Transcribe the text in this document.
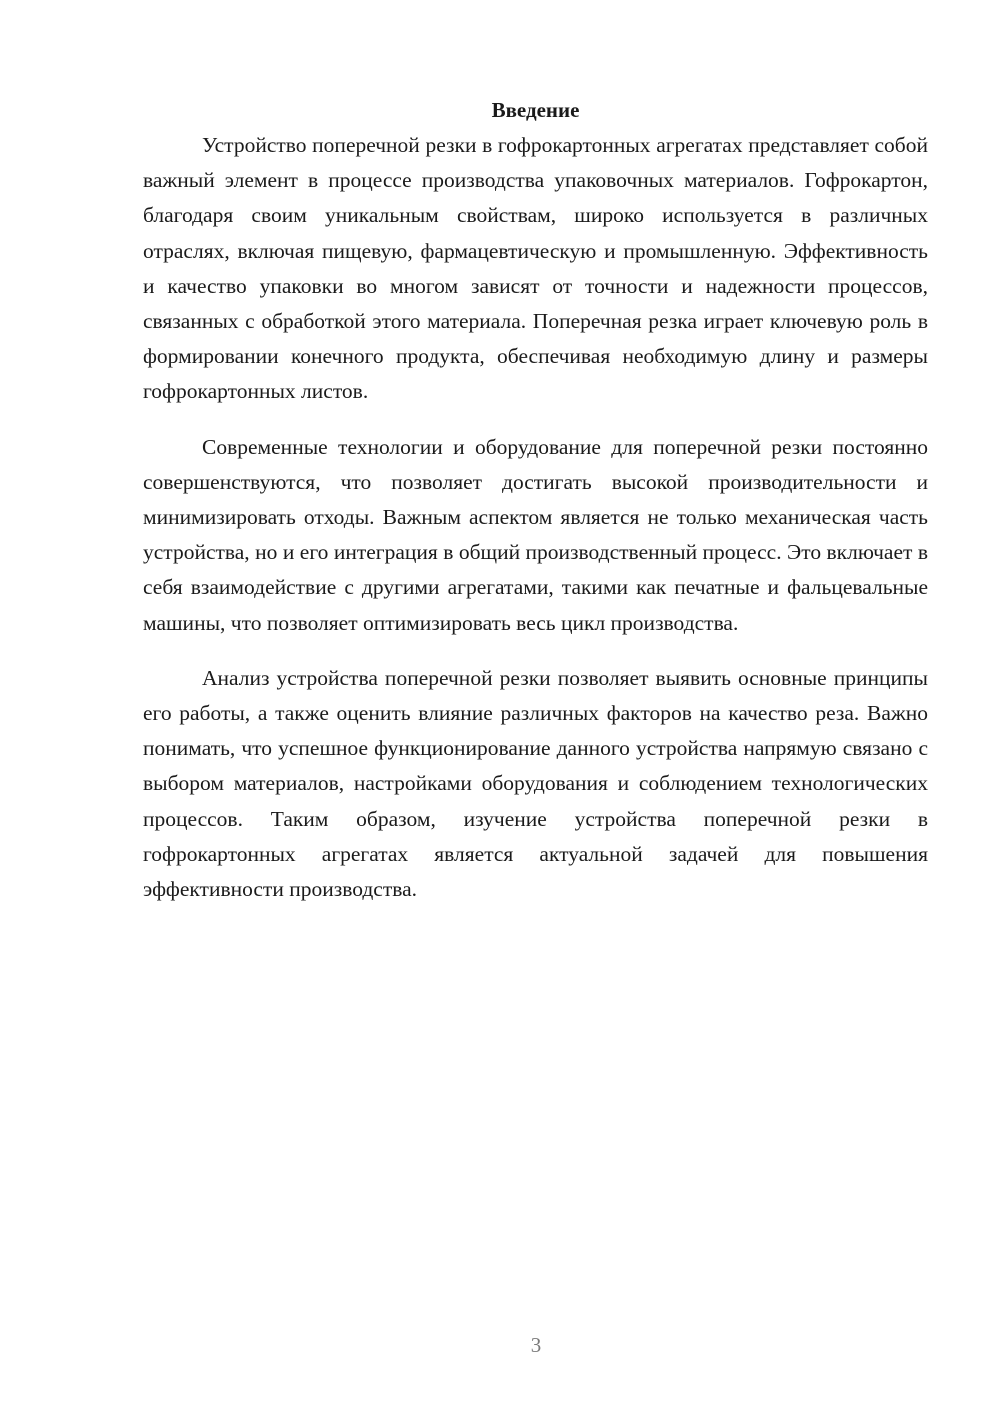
Введение

Устройство поперечной резки в гофрокартонных агрегатах представляет собой важный элемент в процессе производства упаковочных материалов. Гофрокартон, благодаря своим уникальным свойствам, широко используется в различных отраслях, включая пищевую, фармацевтическую и промышленную. Эффективность и качество упаковки во многом зависят от точности и надежности процессов, связанных с обработкой этого материала. Поперечная резка играет ключевую роль в формировании конечного продукта, обеспечивая необходимую длину и размеры гофрокартонных листов.

Современные технологии и оборудование для поперечной резки постоянно совершенствуются, что позволяет достигать высокой производительности и минимизировать отходы. Важным аспектом является не только механическая часть устройства, но и его интеграция в общий производственный процесс. Это включает в себя взаимодействие с другими агрегатами, такими как печатные и фальцевальные машины, что позволяет оптимизировать весь цикл производства.

Анализ устройства поперечной резки позволяет выявить основные принципы его работы, а также оценить влияние различных факторов на качество реза. Важно понимать, что успешное функционирование данного устройства напрямую связано с выбором материалов, настройками оборудования и соблюдением технологических процессов. Таким образом, изучение устройства поперечной резки в гофрокартонных агрегатах является актуальной задачей для повышения эффективности производства.

3
